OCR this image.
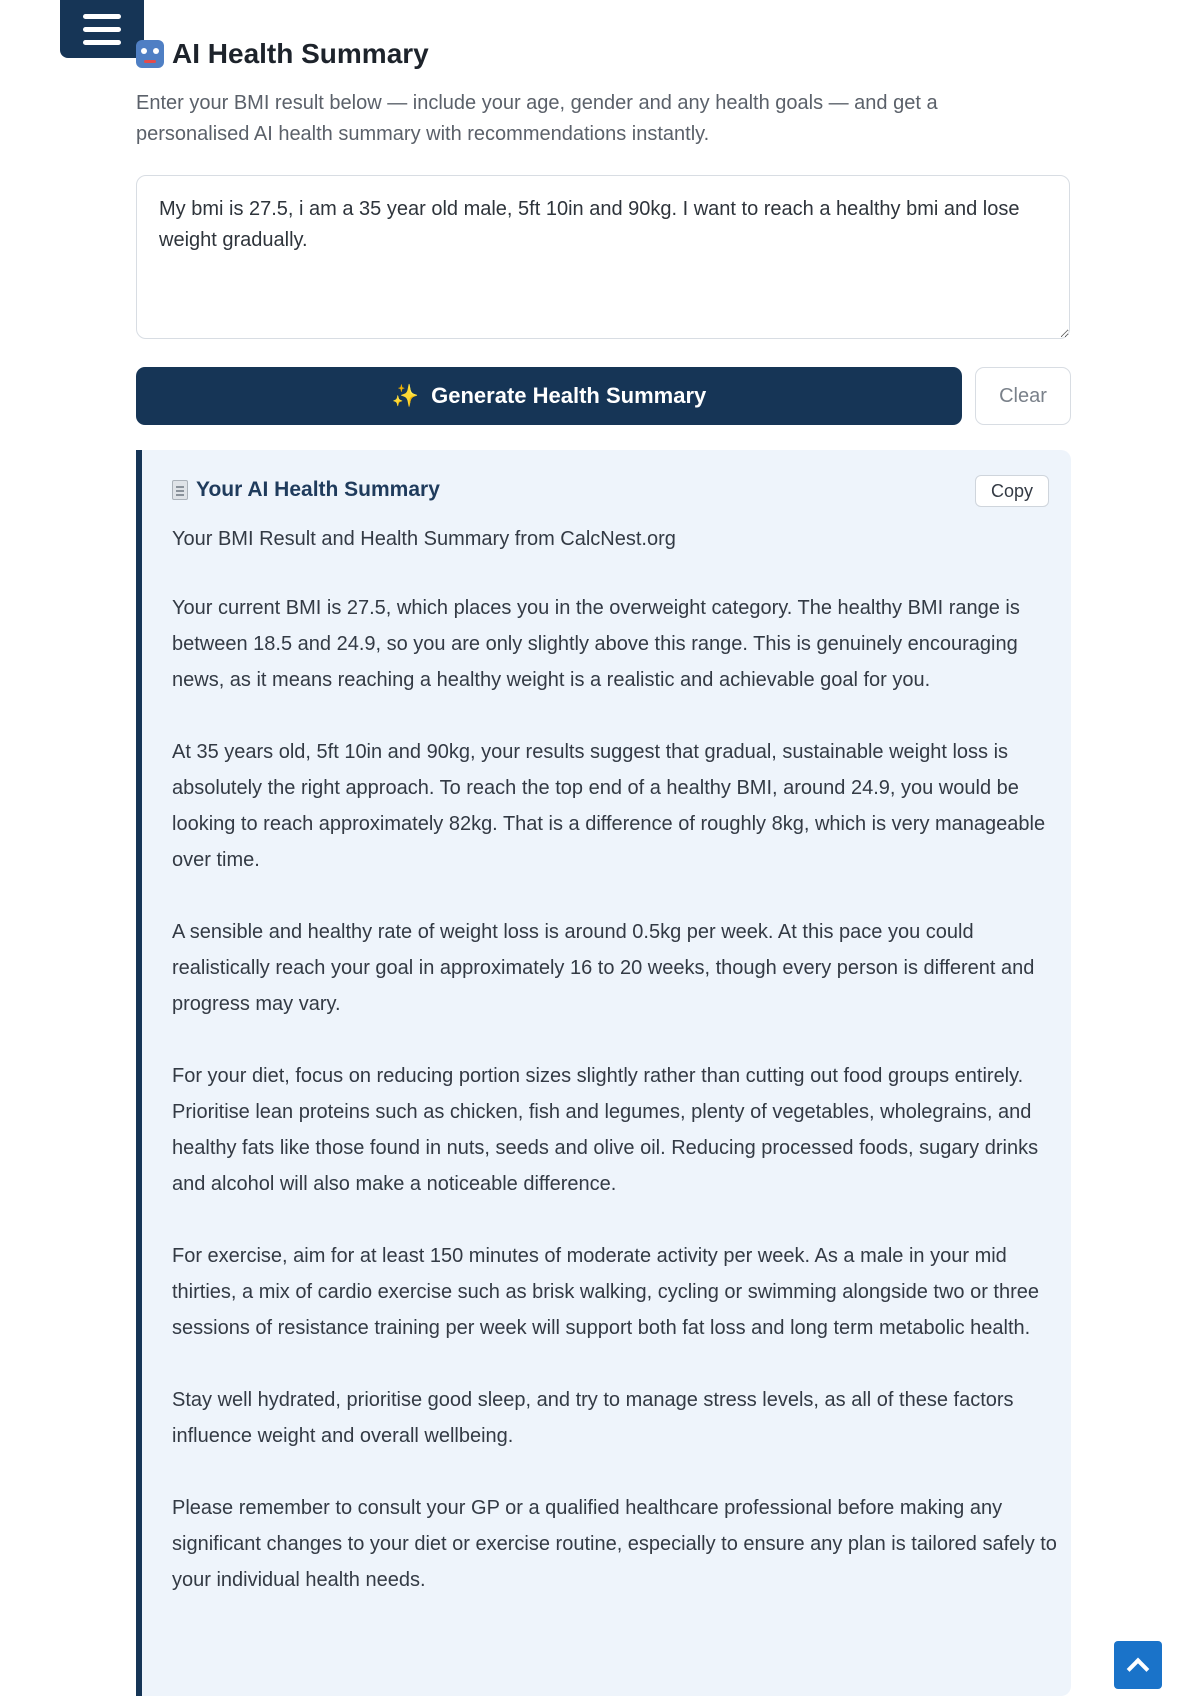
AI Health Summary

Enter your BMI result below — include your age, gender and any health goals — and get a personalised AI health summary with recommendations instantly.

My bmi is 27.5, i am a 35 year old male, 5ft 10in and 90kg. I want to reach a healthy bmi and lose weight gradually.
✨ Generate Health Summary	Clear
Your AI Health Summary	Copy

Your BMI Result and Health Summary from CalcNest.org

Your current BMI is 27.5, which places you in the overweight category. The healthy BMI range is between 18.5 and 24.9, so you are only slightly above this range. This is genuinely encouraging news, as it means reaching a healthy weight is a realistic and achievable goal for you.

At 35 years old, 5ft 10in and 90kg, your results suggest that gradual, sustainable weight loss is absolutely the right approach. To reach the top end of a healthy BMI, around 24.9, you would be looking to reach approximately 82kg. That is a difference of roughly 8kg, which is very manageable over time.

A sensible and healthy rate of weight loss is around 0.5kg per week. At this pace you could realistically reach your goal in approximately 16 to 20 weeks, though every person is different and progress may vary.

For your diet, focus on reducing portion sizes slightly rather than cutting out food groups entirely. Prioritise lean proteins such as chicken, fish and legumes, plenty of vegetables, wholegrains, and healthy fats like those found in nuts, seeds and olive oil. Reducing processed foods, sugary drinks and alcohol will also make a noticeable difference.

For exercise, aim for at least 150 minutes of moderate activity per week. As a male in your mid thirties, a mix of cardio exercise such as brisk walking, cycling or swimming alongside two or three sessions of resistance training per week will support both fat loss and long term metabolic health.

Stay well hydrated, prioritise good sleep, and try to manage stress levels, as all of these factors influence weight and overall wellbeing.

Please remember to consult your GP or a qualified healthcare professional before making any significant changes to your diet or exercise routine, especially to ensure any plan is tailored safely to your individual health needs.
